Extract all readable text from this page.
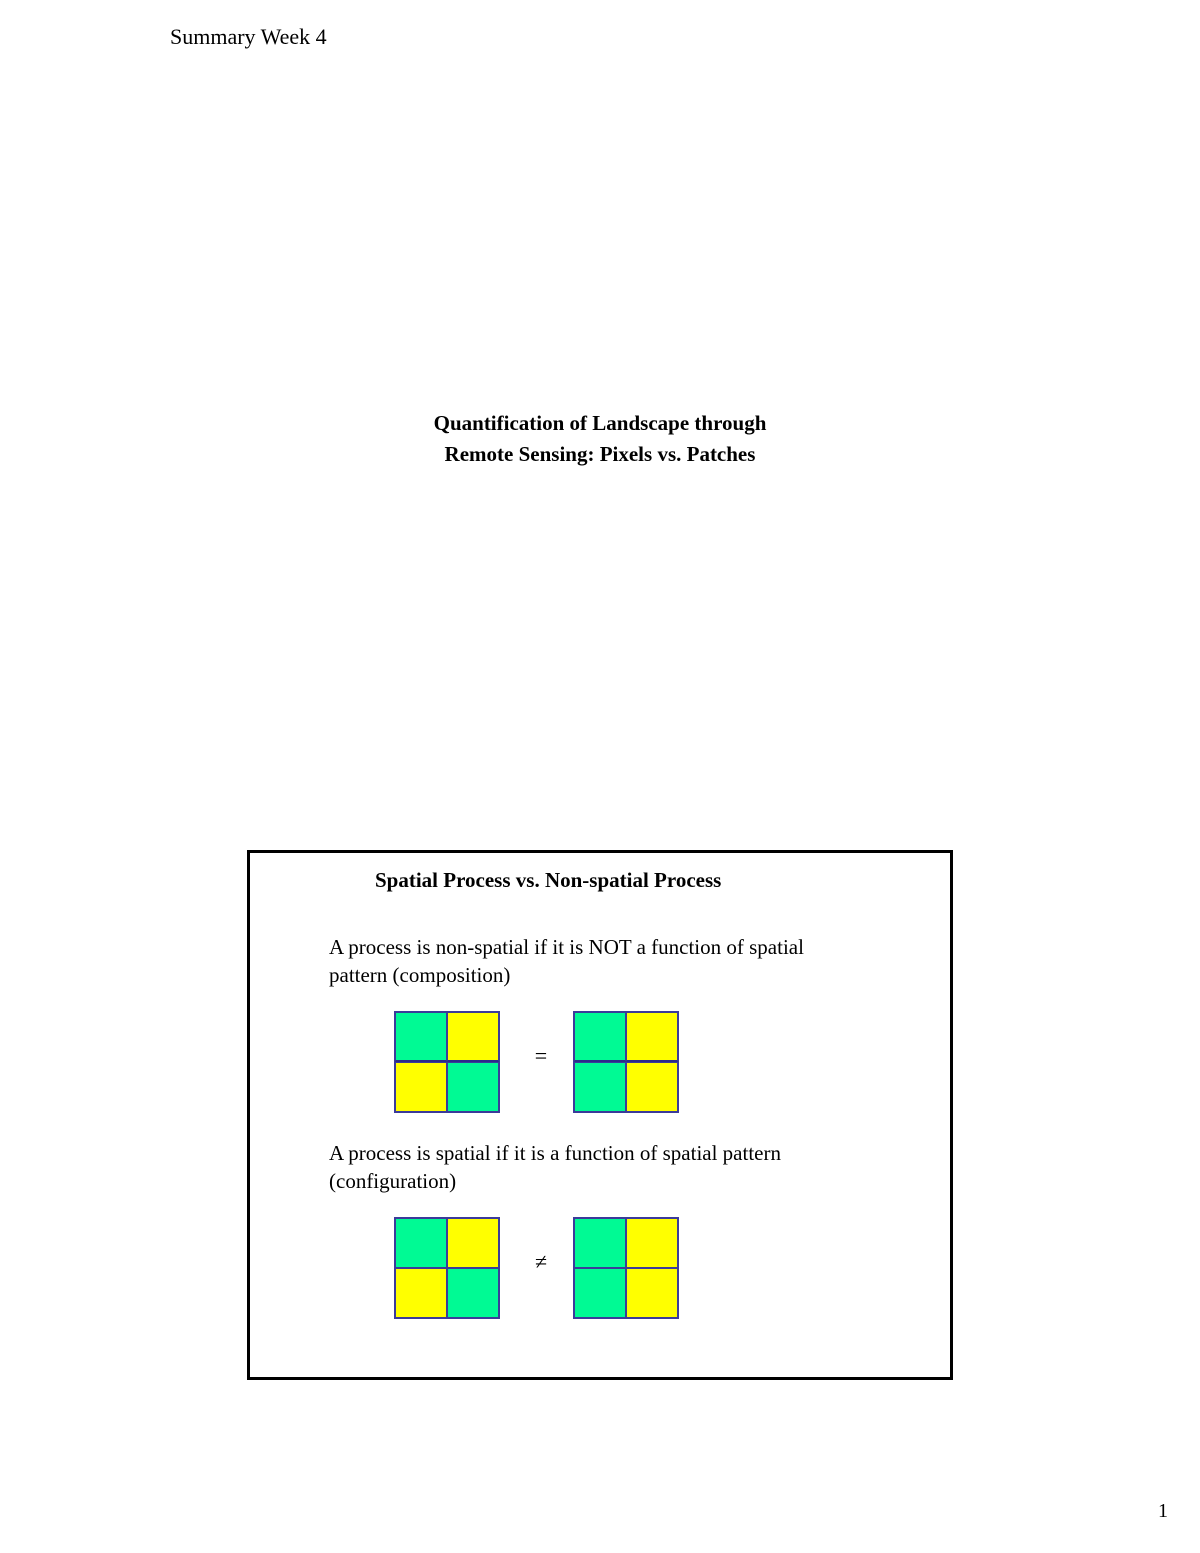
Summary Week 4
Quantification of Landscape through
Remote Sensing: Pixels vs. Patches
Spatial Process vs. Non-spatial Process
A process is non-spatial if it is NOT a function of spatial
pattern (composition)
=
A process is spatial if it is a function of spatial pattern
(configuration)
≠
1
